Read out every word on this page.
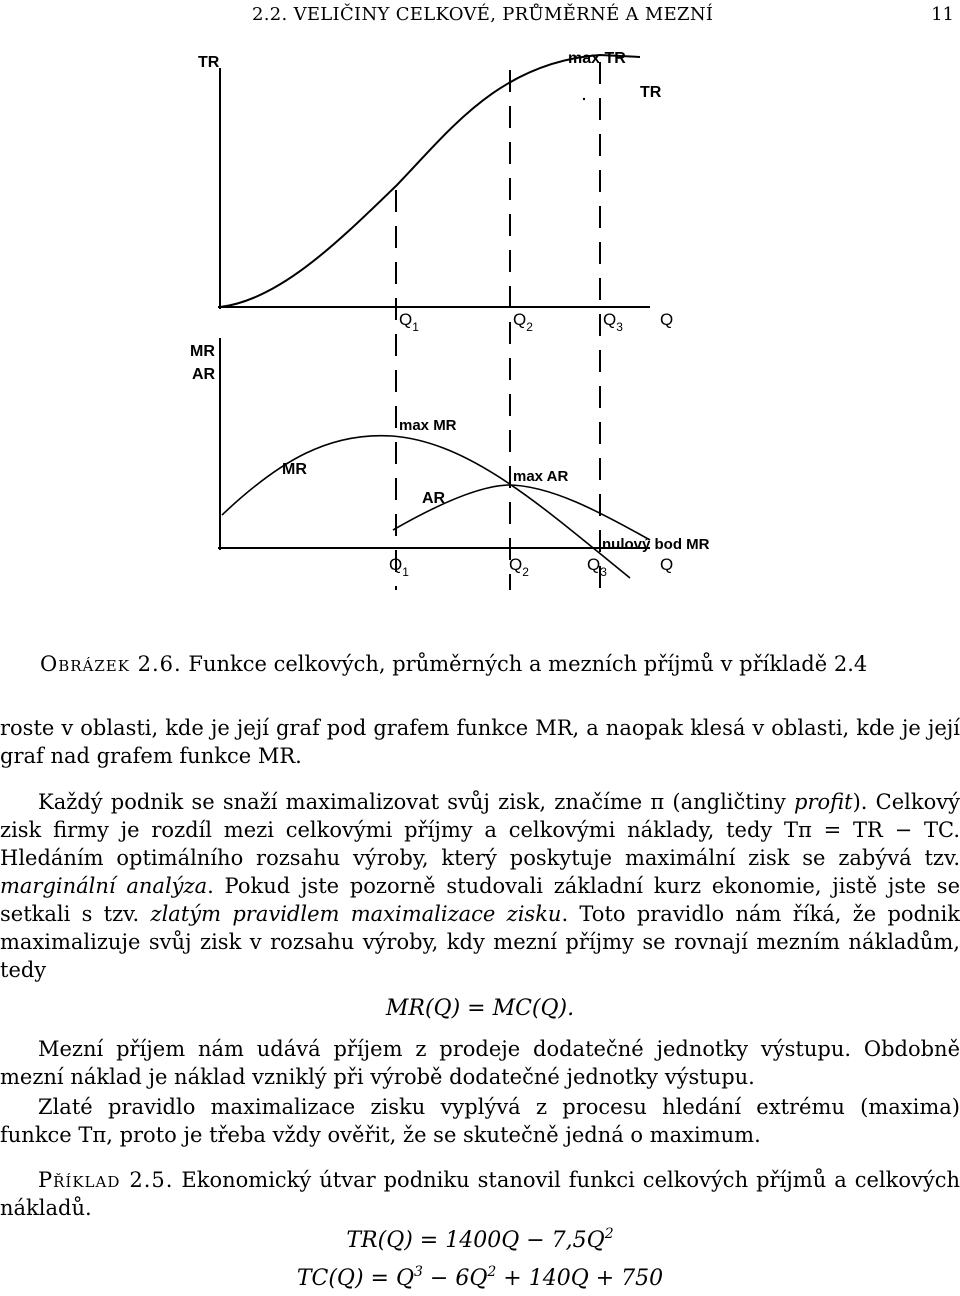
2.2. VELIČINY CELKOVÉ, PRŮMĚRNÉ A MEZNÍ	11
TR	max TR
TR
$Q_1$	$Q_2$	$Q_3$ Q
MR
AR
max MR
MR
AR
max AR
nulový bod MR
$Q_1$	$Q_2$	$Q_3$	Q
Obrázek 2.6. Funkce celkových, průměrných a mezních příjmů v příkladě 2.4

roste v oblasti, kde je její graf pod grafem funkce MR, a naopak klesá v oblasti, kde je její graf nad grafem funkce MR.

Každý podnik se snaží maximalizovat svůj zisk, značíme π (angličtiny profit). Celkový zisk firmy je rozdíl mezi celkovými příjmy a celkovými náklady, tedy Tπ = TR − TC. Hledáním optimálního rozsahu výroby, který poskytuje maximální zisk se zabývá tzv. marginální analýza. Pokud jste pozorně studovali základní kurz ekonomie, jistě jste se setkali s tzv. zlatým pravidlem maximalizace zisku. Toto pravidlo nám říká, že podnik maximalizuje svůj zisk v rozsahu výroby, kdy mezní příjmy se rovnají mezním nákladům, tedy

MR(Q) = MC(Q).

Mezní příjem nám udává příjem z prodeje dodatečné jednotky výstupu. Obdobně mezní náklad je náklad vzniklý při výrobě dodatečné jednotky výstupu.

Zlaté pravidlo maximalizace zisku vyplývá z procesu hledání extrému (maxima) funkce Tπ, proto je třeba vždy ověřit, že se skutečně jedná o maximum.

Příklad 2.5. Ekonomický útvar podniku stanovil funkci celkových příjmů a celkových nákladů.

$TR(Q) = 1400Q - 7,5Q^2$
$TC(Q) = Q^3 - 6Q^2 + 140Q + 750$
